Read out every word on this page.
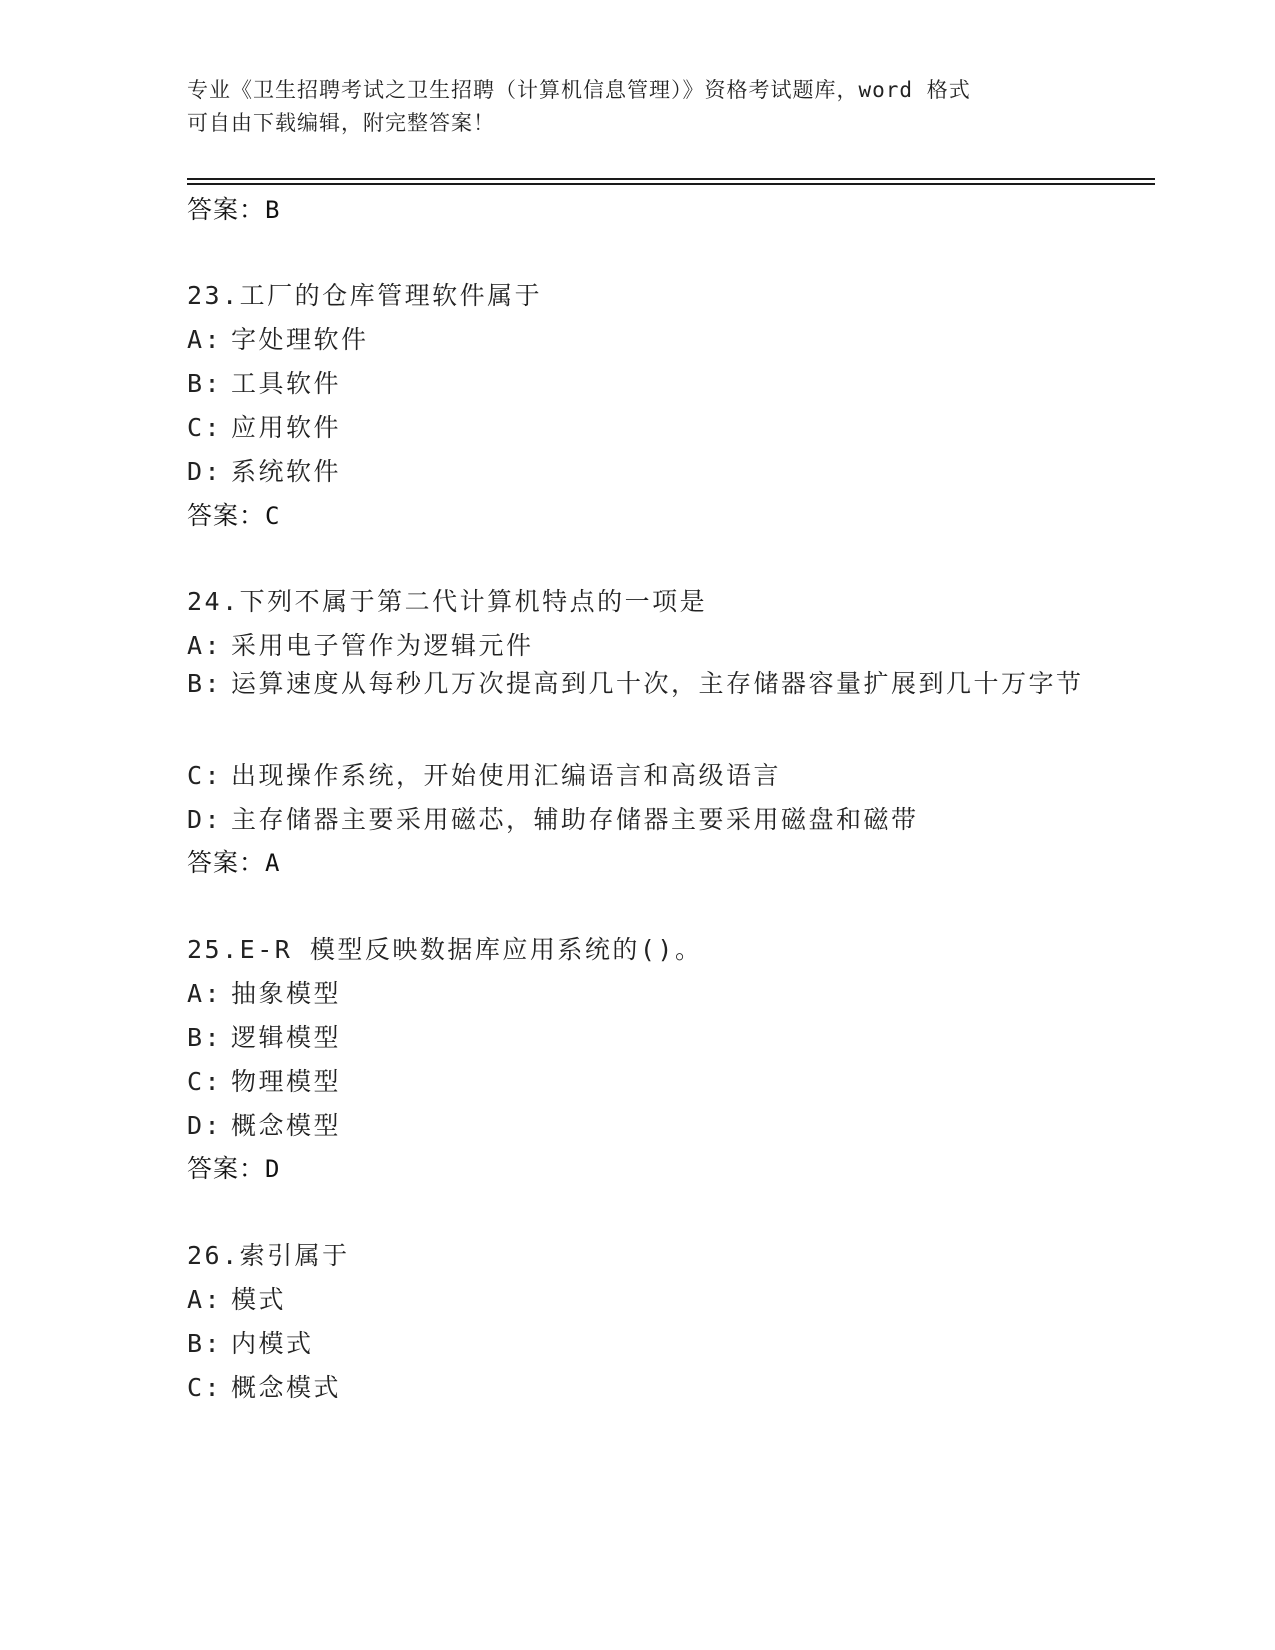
专业《卫生招聘考试之卫生招聘（计算机信息管理）》资格考试题库，word 格式
可自由下载编辑，附完整答案！
答案：B
23.工厂的仓库管理软件属于
A: 字处理软件
B: 工具软件
C: 应用软件
D: 系统软件
答案：C
24.下列不属于第二代计算机特点的一项是
A: 采用电子管作为逻辑元件
B: 运算速度从每秒几万次提高到几十次，主存储器容量扩展到几十万字节
C: 出现操作系统，开始使用汇编语言和高级语言
D: 主存储器主要采用磁芯，辅助存储器主要采用磁盘和磁带
答案：A
25.E-R 模型反映数据库应用系统的()。
A: 抽象模型
B: 逻辑模型
C: 物理模型
D: 概念模型
答案：D
26.索引属于
A: 模式
B: 内模式
C: 概念模式
